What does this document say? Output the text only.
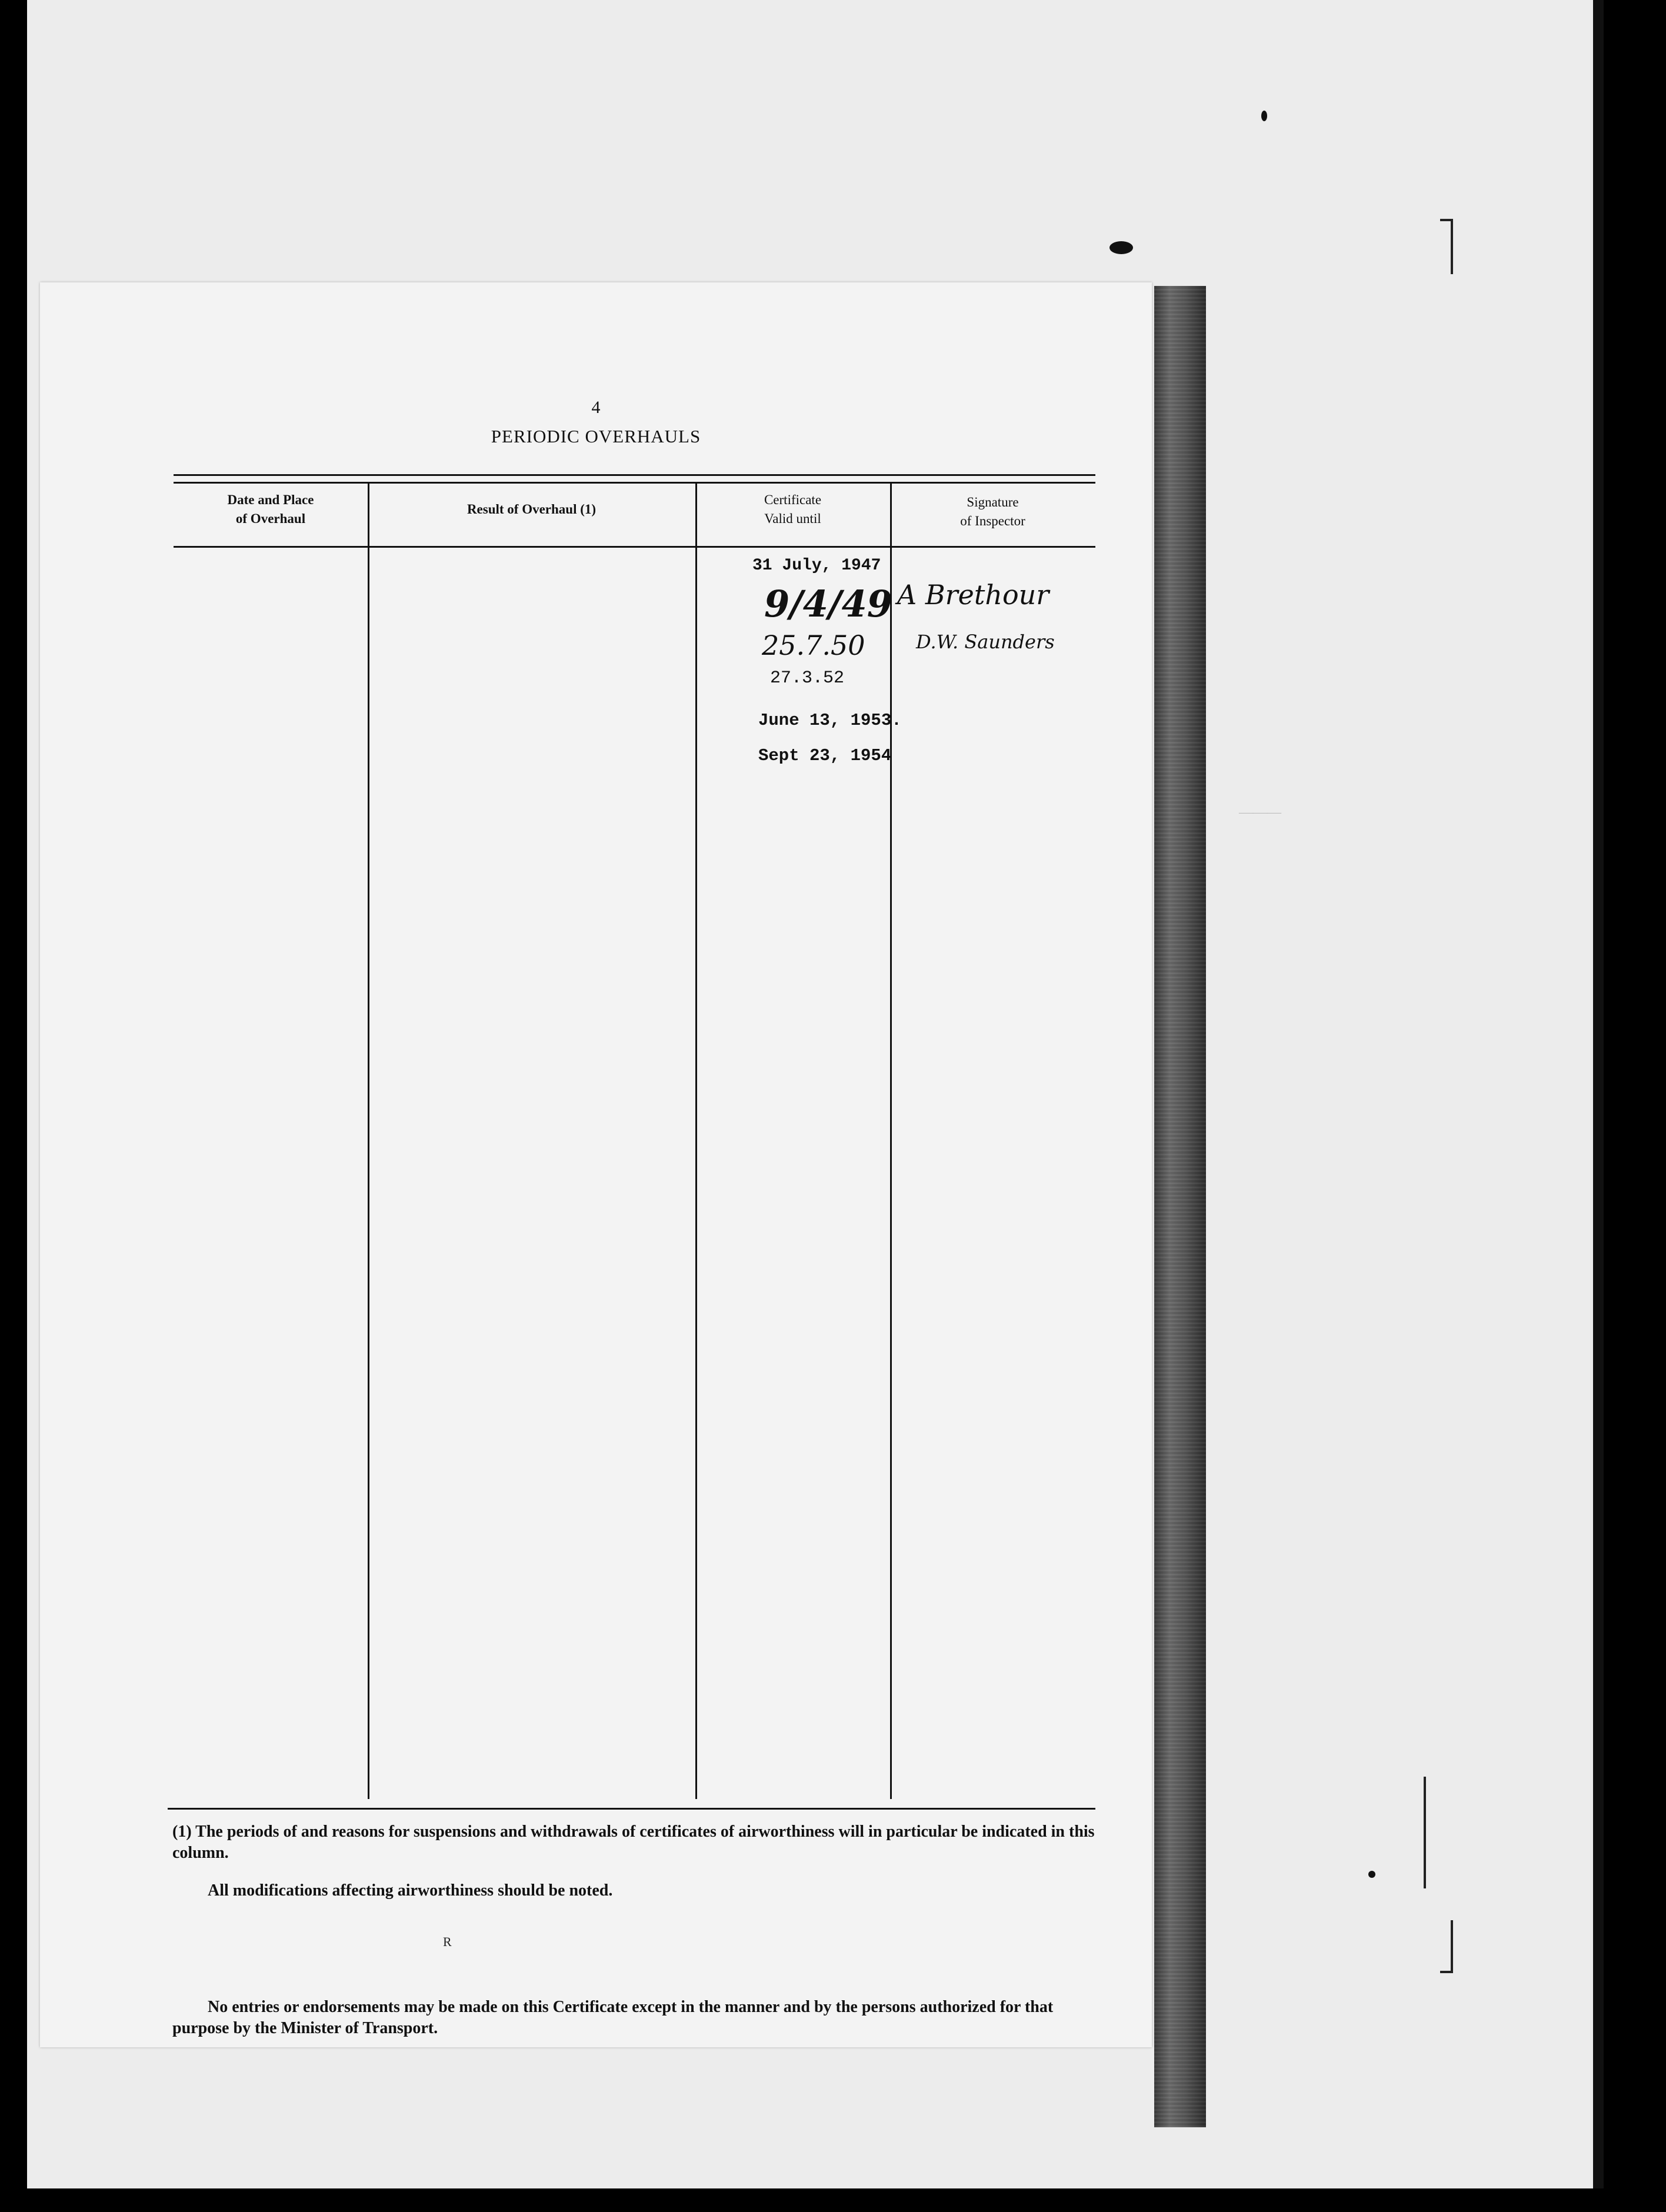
———
4
PERIODIC OVERHAULS
Date and Place
of Overhaul
Result of Overhaul (1)
Certificate
Valid until
Signature
of Inspector
31 July, 1947
9/4/49
25.7.50
27.3.52
June 13, 1953.
Sept 23, 1954
A Brethour
D.W. Saunders
(1) The periods of and reasons for suspensions and withdrawals of certificates of airworthiness will in particular be indicated in this column.
All modifications affecting airworthiness should be noted.
R
No entries or endorsements may be made on this Certificate except in the manner and by the persons authorized for that purpose by the Minister of Transport.
